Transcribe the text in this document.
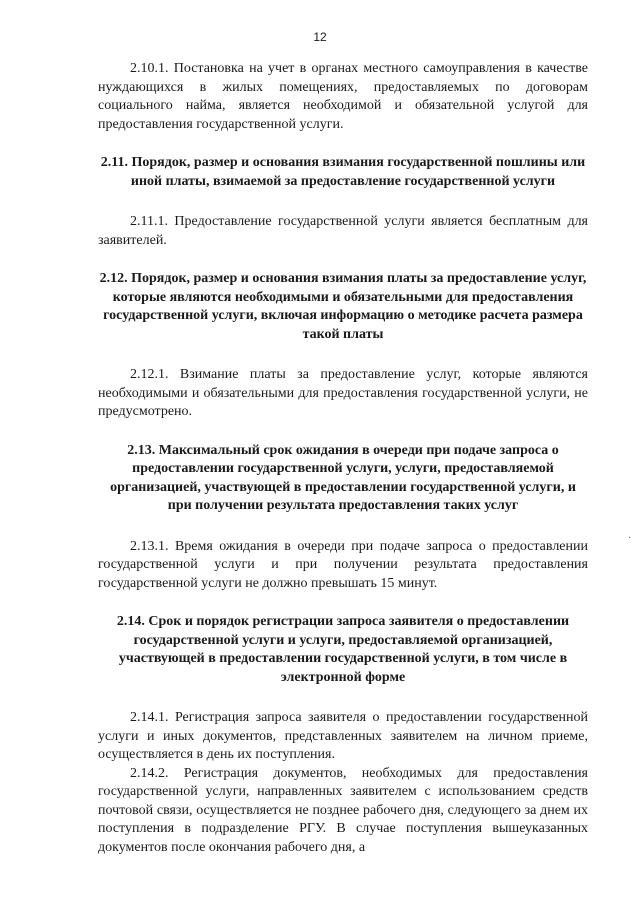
12

2.10.1. Постановка на учет в органах местного самоуправления в качестве нуждающихся в жилых помещениях, предоставляемых по договорам социального найма, является необходимой и обязательной услугой для предоставления государственной услуги.

2.11. Порядок, размер и основания взимания государственной пошлины или иной платы, взимаемой за предоставление государственной услуги

2.11.1. Предоставление государственной услуги является бесплатным для заявителей.

2.12. Порядок, размер и основания взимания платы за предоставление услуг, которые являются необходимыми и обязательными для предоставления государственной услуги, включая информацию о методике расчета размера такой платы

2.12.1. Взимание платы за предоставление услуг, которые являются необходимыми и обязательными для предоставления государственной услуги, не предусмотрено.

2.13. Максимальный срок ожидания в очереди при подаче запроса о предоставлении государственной услуги, услуги, предоставляемой организацией, участвующей в предоставлении государственной услуги, и при получении результата предоставления таких услуг

2.13.1. Время ожидания в очереди при подаче запроса о предоставлении государственной услуги и при получении результата предоставления государственной услуги не должно превышать 15 минут.

2.14. Срок и порядок регистрации запроса заявителя о предоставлении государственной услуги и услуги, предоставляемой организацией, участвующей в предоставлении государственной услуги, в том числе в электронной форме

2.14.1. Регистрация запроса заявителя о предоставлении государственной услуги и иных документов, представленных заявителем на личном приеме, осуществляется в день их поступления.

2.14.2. Регистрация документов, необходимых для предоставления государственной услуги, направленных заявителем с использованием средств почтовой связи, осуществляется не позднее рабочего дня, следующего за днем их поступления в подразделение РГУ. В случае поступления вышеуказанных документов после окончания рабочего дня, а

·
